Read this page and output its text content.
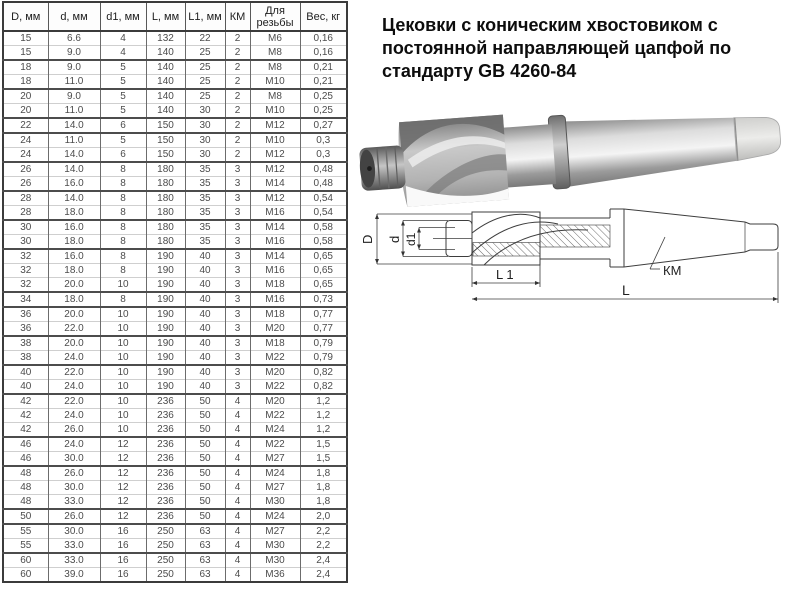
D, мм	d, мм	d1, мм	L, мм	L1, мм	КМ	Для резьбы	Вес, кг
15	6.6	4	132	22	2	M6	0,16
15	9.0	4	140	25	2	M8	0,16
18	9.0	5	140	25	2	M8	0,21
18	11.0	5	140	25	2	M10	0,21
20	9.0	5	140	25	2	M8	0,25
20	11.0	5	140	30	2	M10	0,25
22	14.0	6	150	30	2	M12	0,27
24	11.0	5	150	30	2	M10	0,3
24	14.0	6	150	30	2	M12	0,3
26	14.0	8	180	35	3	M12	0,48
26	16.0	8	180	35	3	M14	0,48
28	14.0	8	180	35	3	M12	0,54
28	18.0	8	180	35	3	M16	0,54
30	16.0	8	180	35	3	M14	0,58
30	18.0	8	180	35	3	M16	0,58
32	16.0	8	190	40	3	M14	0,65
32	18.0	8	190	40	3	M16	0,65
32	20.0	10	190	40	3	M18	0,65
34	18.0	8	190	40	3	M16	0,73
36	20.0	10	190	40	3	M18	0,77
36	22.0	10	190	40	3	M20	0,77
38	20.0	10	190	40	3	M18	0,79
38	24.0	10	190	40	3	M22	0,79
40	22.0	10	190	40	3	M20	0,82
40	24.0	10	190	40	3	M22	0,82
42	22.0	10	236	50	4	M20	1,2
42	24.0	10	236	50	4	M22	1,2
42	26.0	10	236	50	4	M24	1,2
46	24.0	12	236	50	4	M22	1,5
46	30.0	12	236	50	4	M27	1,5
48	26.0	12	236	50	4	M24	1,8
48	30.0	12	236	50	4	M27	1,8
48	33.0	12	236	50	4	M30	1,8
50	26.0	12	236	50	4	M24	2,0
55	30.0	16	250	63	4	M27	2,2
55	33.0	16	250	63	4	M30	2,2
60	33.0	16	250	63	4	M30	2,4
60	39.0	16	250	63	4	M36	2,4
Цековки с коническим хвостовиком с
постоянной направляющей цапфой по
стандарту GB 4260-84
D d d1
L 1
L
КМ
